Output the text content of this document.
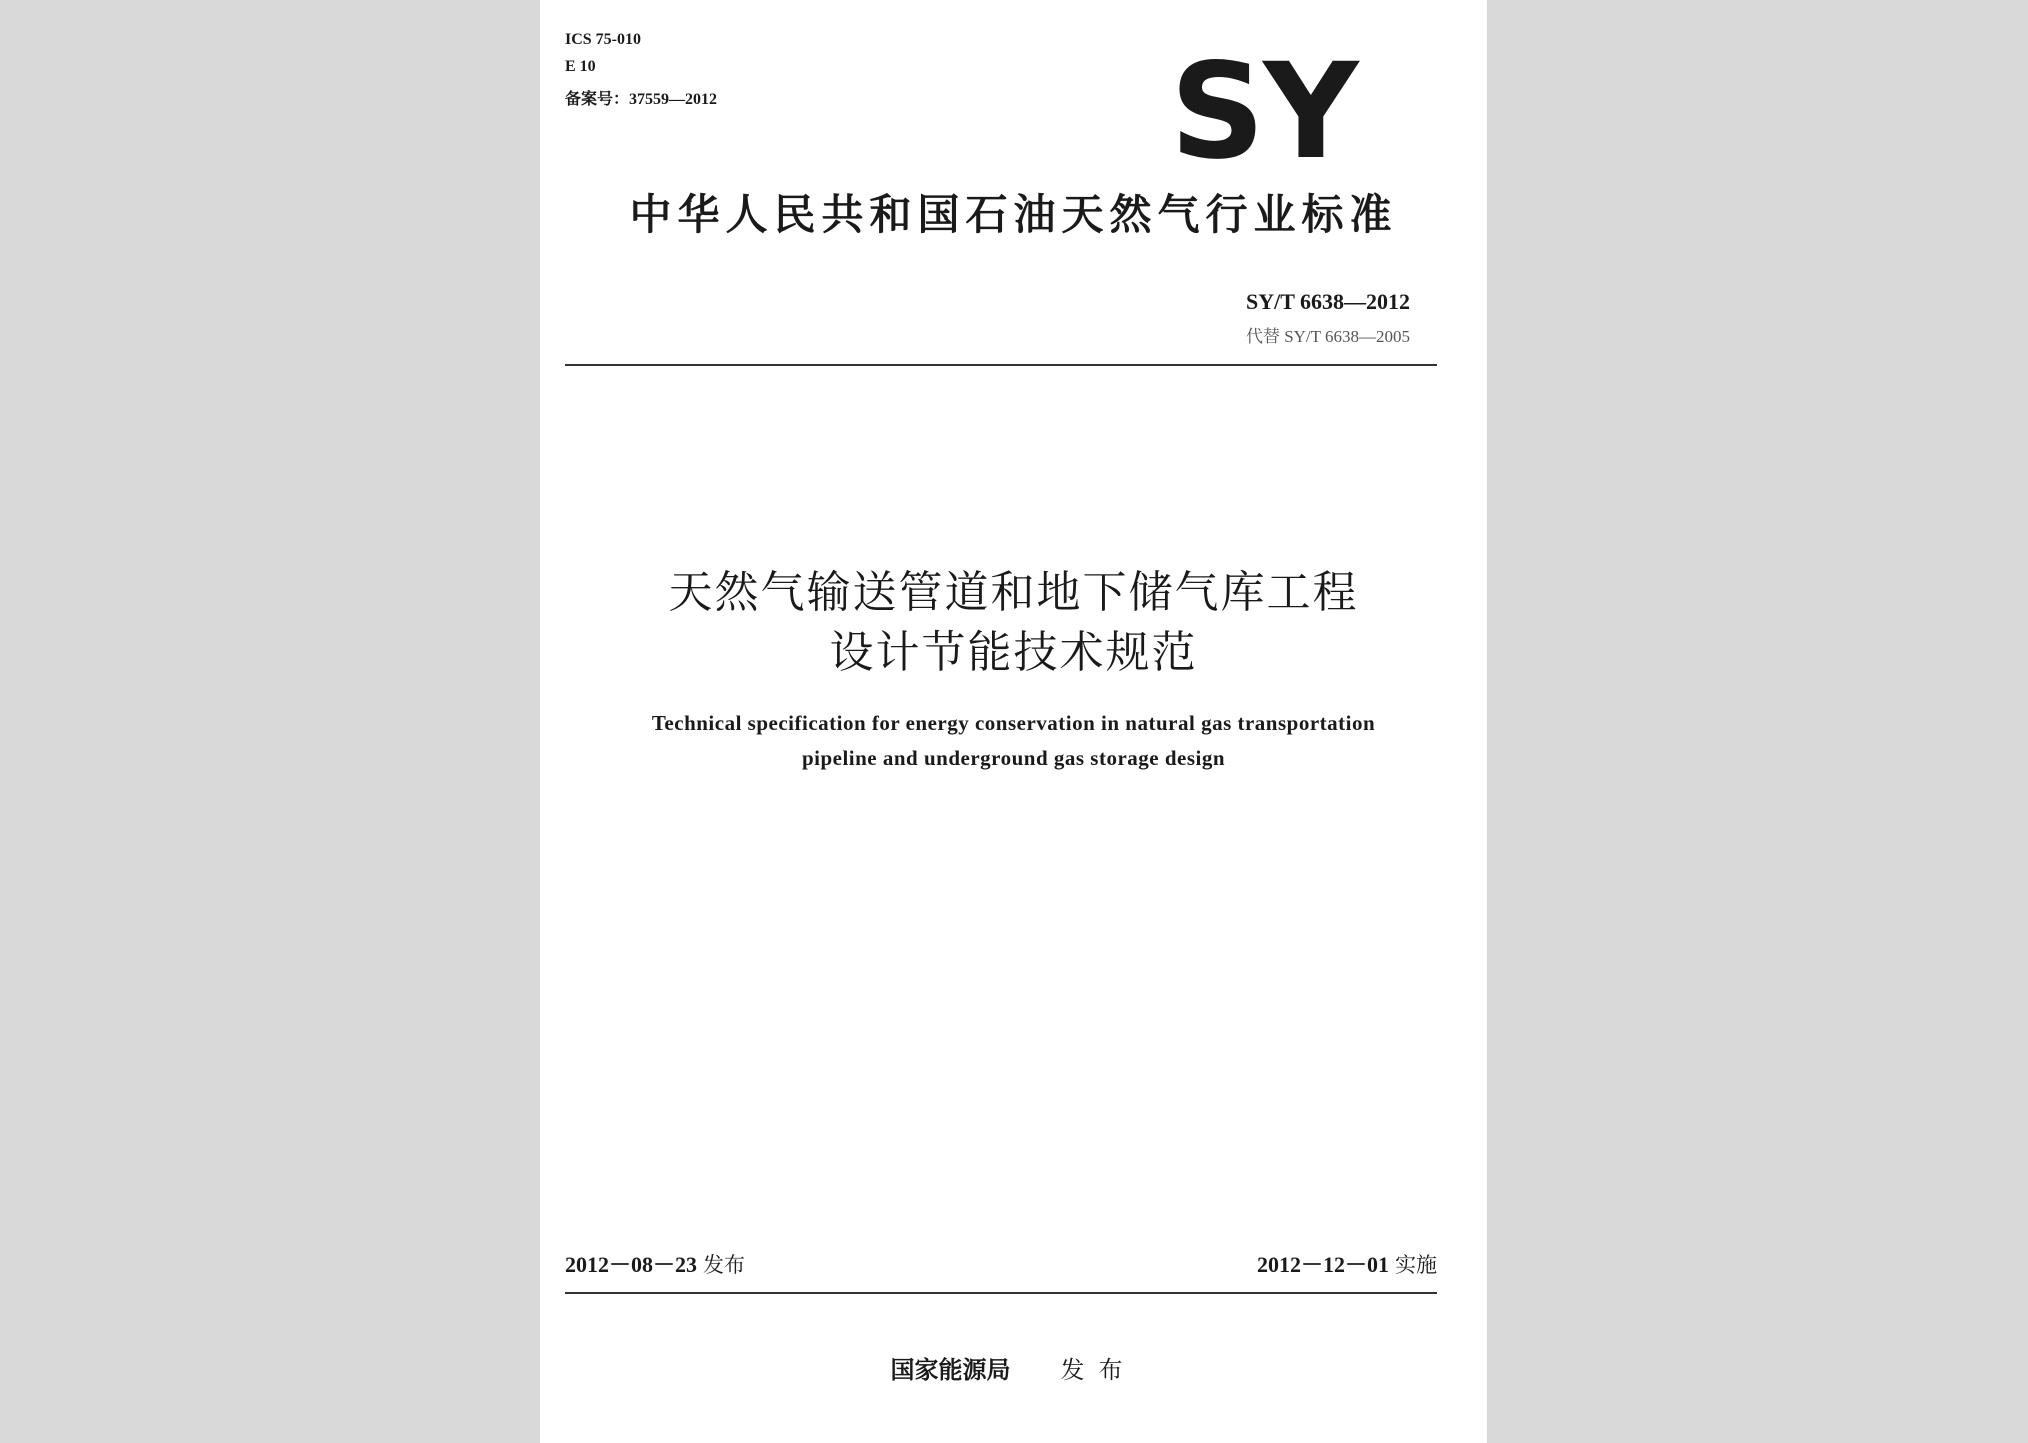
ICS 75-010
E 10
备案号：37559—2012	SY
中华人民共和国石油天然气行业标准
SY/T 6638—2012
代替 SY/T 6638—2005
天然气输送管道和地下储气库工程
设计节能技术规范
Technical specification for energy conservation in natural gas transportation
pipeline and underground gas storage design
2012－08－23 发布	2012－12－01 实施
国家能源局 发布
